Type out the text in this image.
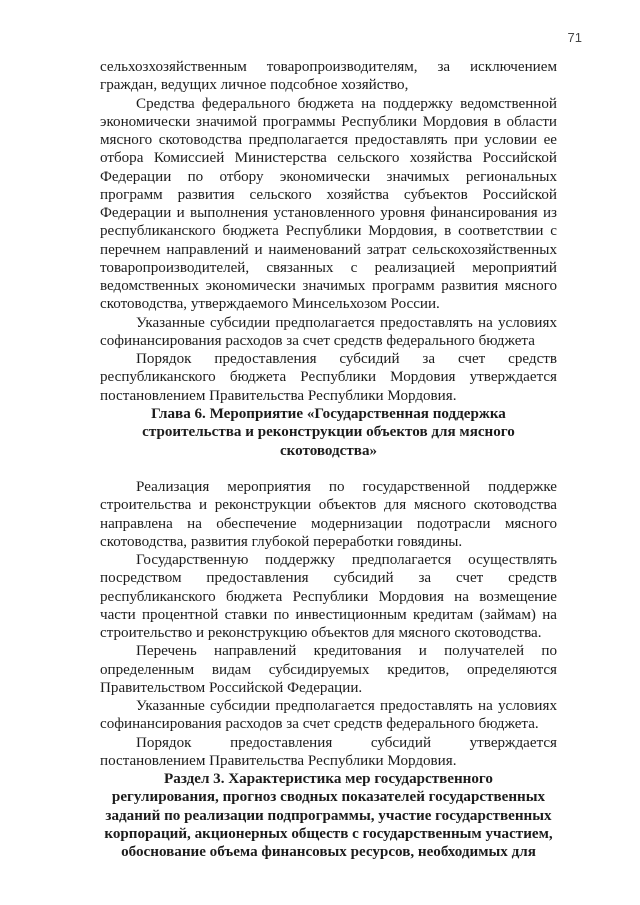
71

сельхозхозяйственным товаропроизводителям, за исключением граждан, ведущих личное подсобное хозяйство,

Средства федерального бюджета на поддержку ведомственной экономически значимой программы Республики Мордовия в области мясного скотоводства предполагается предоставлять при условии ее отбора Комиссией Министерства сельского хозяйства Российской Федерации по отбору экономически значимых региональных программ развития сельского хозяйства субъектов Российской Федерации и выполнения установленного уровня финансирования из республиканского бюджета Республики Мордовия, в соответствии с перечнем направлений и наименований затрат сельскохозяйственных товаропроизводителей, связанных с реализацией мероприятий ведомственных экономически значимых программ развития мясного скотоводства, утверждаемого Минсельхозом России.

Указанные субсидии предполагается предоставлять на условиях софинансирования расходов за счет средств федерального бюджета

Порядок предоставления субсидий за счет средств республиканского бюджета Республики Мордовия утверждается постановлением Правительства Республики Мордовия.

Глава 6. Мероприятие «Государственная поддержка
строительства и реконструкции объектов для мясного
скотоводства»

Реализация мероприятия по государственной поддержке строительства и реконструкции объектов для мясного скотоводства направлена на обеспечение модернизации подотрасли мясного скотоводства, развития глубокой переработки говядины.

Государственную поддержку предполагается осуществлять посредством предоставления субсидий за счет средств республиканского бюджета Республики Мордовия на возмещение части процентной ставки по инвестиционным кредитам (займам) на строительство и реконструкцию объектов для мясного скотоводства.

Перечень направлений кредитования и получателей по определенным видам субсидируемых кредитов, определяются Правительством Российской Федерации.

Указанные субсидии предполагается предоставлять на условиях софинансирования расходов за счет средств федерального бюджета.

Порядок предоставления субсидий утверждается постановлением Правительства Республики Мордовия.

Раздел 3. Характеристика мер государственного
регулирования, прогноз сводных показателей государственных
заданий по реализации подпрограммы, участие государственных
корпораций, акционерных обществ с государственным участием,
обоснование объема финансовых ресурсов, необходимых для
